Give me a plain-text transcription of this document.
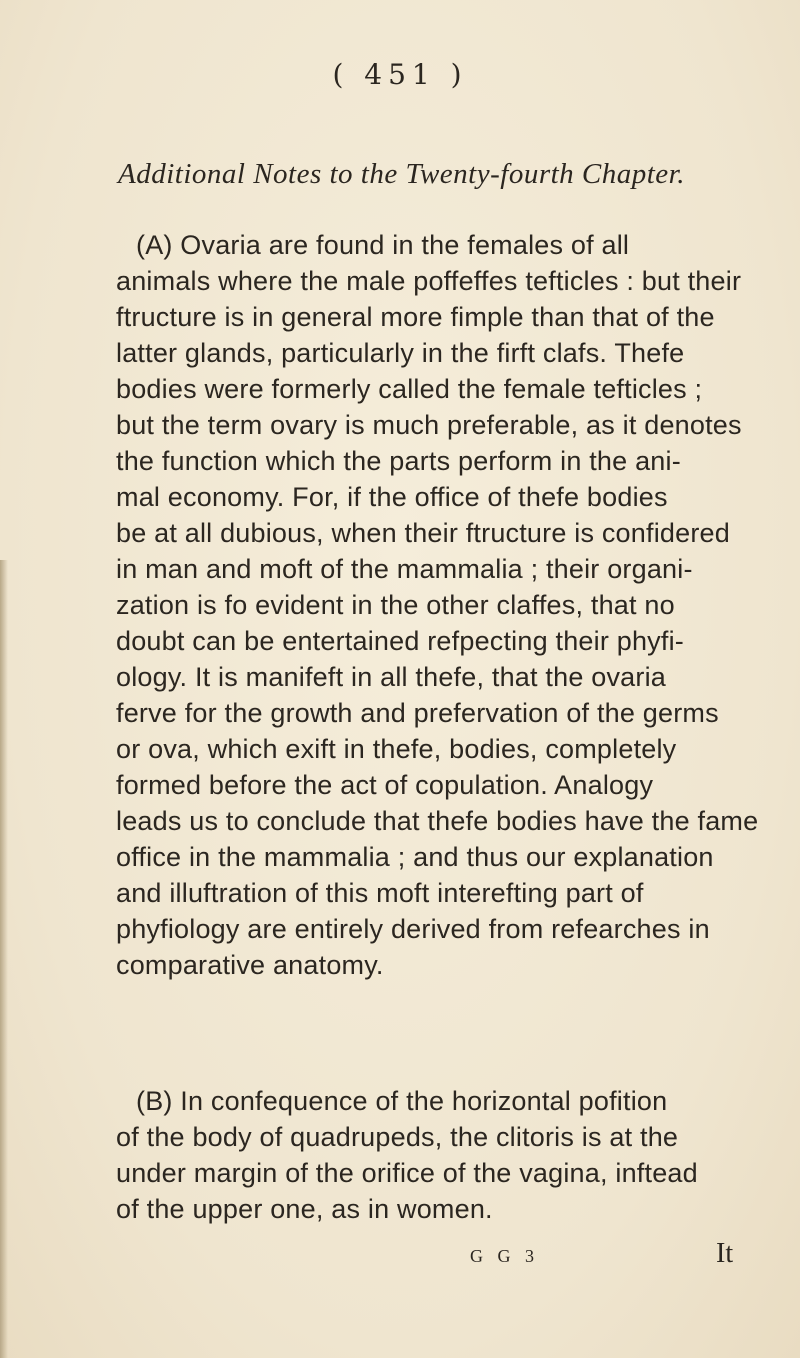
( 451 )
Additional Notes to the Twenty-fourth Chapter.
(A) Ovaria are found in the females of all
animals where the male poffeffes tefticles : but their
ftructure is in general more fimple than that of the
latter glands, particularly in the firft clafs. Thefe
bodies were formerly called the female tefticles ;
but the term ovary is much preferable, as it denotes
the function which the parts perform in the ani-
mal economy. For, if the office of thefe bodies
be at all dubious, when their ftructure is confidered
in man and moft of the mammalia ; their organi-
zation is fo evident in the other claffes, that no
doubt can be entertained refpecting their phyfi-
ology. It is manifeft in all thefe, that the ovaria
ferve for the growth and prefervation of the germs
or ova, which exift in thefe, bodies, completely
formed before the act of copulation. Analogy
leads us to conclude that thefe bodies have the fame
office in the mammalia ; and thus our explanation
and illuftration of this moft interefting part of
phyfiology are entirely derived from refearches in
comparative anatomy.
(B) In confequence of the horizontal pofition
of the body of quadrupeds, the clitoris is at the
under margin of the orifice of the vagina, inftead
of the upper one, as in women.
G G 3	It
